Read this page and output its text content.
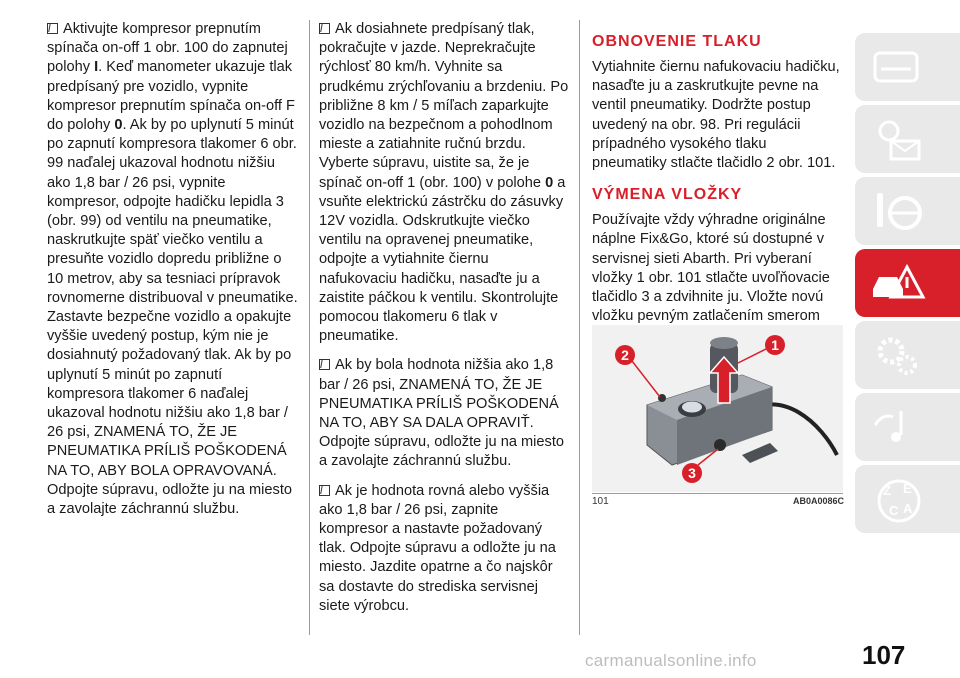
Aktivujte kompresor prepnutím spínača on-off 1 obr. 100 do zapnutej polohy I. Keď manometer ukazuje tlak predpísaný pre vozidlo, vypnite kompresor prepnutím spínača on-off F do polohy 0. Ak by po uplynutí 5 minút po zapnutí kompresora tlakomer 6 obr. 99 naďalej ukazoval hodnotu nižšiu ako 1,8 bar / 26 psi, vypnite kompresor, odpojte hadičku lepidla 3 (obr. 99) od ventilu na pneumatike, naskrutkujte späť viečko ventilu a presuňte vozidlo dopredu približne o 10 metrov, aby sa tesniaci prípravok rovnomerne distribuoval v pneumatike. Zastavte bezpečne vozidlo a opakujte vyššie uvedený postup, kým nie je dosiahnutý požadovaný tlak. Ak by po uplynutí 5 minút po zapnutí kompresora tlakomer 6 naďalej ukazoval hodnotu nižšiu ako 1,8 bar / 26 psi, ZNAMENÁ TO, ŽE JE PNEUMATIKA PRÍLIŠ POŠKODENÁ NA TO, ABY BOLA OPRAVOVANÁ. Odpojte súpravu, odložte ju na miesto a zavolajte záchrannú službu.

Ak dosiahnete predpísaný tlak, pokračujte v jazde. Neprekračujte rýchlosť 80 km/h. Vyhnite sa prudkému zrýchľovaniu a brzdeniu. Po približne 8 km / 5 míľach zaparkujte vozidlo na bezpečnom a pohodlnom mieste a zatiahnite ručnú brzdu. Vyberte súpravu, uistite sa, že je spínač on-off 1 (obr. 100) v polohe 0 a vsuňte elektrickú zástrčku do zásuvky 12V vozidla. Odskrutkujte viečko ventilu na opravenej pneumatike, odpojte a vytiahnite čiernu nafukovaciu hadičku, nasaďte ju a zaistite páčkou k ventilu. Skontrolujte pomocou tlakomeru 6 tlak v pneumatike.

Ak by bola hodnota nižšia ako 1,8 bar / 26 psi, ZNAMENÁ TO, ŽE JE PNEUMATIKA PRÍLIŠ POŠKODENÁ NA TO, ABY SA DALA OPRAVIŤ. Odpojte súpravu, odložte ju na miesto a zavolajte záchrannú službu.

Ak je hodnota rovná alebo vyššia ako 1,8 bar / 26 psi, zapnite kompresor a nastavte požadovaný tlak. Odpojte súpravu a odložte ju na miesto. Jazdite opatrne a čo najskôr sa dostavte do strediska servisnej siete výrobcu.

OBNOVENIE TLAKU

Vytiahnite čiernu nafukovaciu hadičku, nasaďte ju a zaskrutkujte pevne na ventil pneumatiky. Dodržte postup uvedený na obr. 98. Pri regulácii prípadného vysokého tlaku pneumatiky stlačte tlačidlo 2 obr. 101.

VÝMENA VLOŽKY

Používajte vždy výhradne originálne náplne Fix&Go, ktoré sú dostupné v servisnej sieti Abarth. Pri vyberaní vložky 1 obr. 101 stlačte uvoľňovacie tlačidlo 3 a zdvihnite ju. Vložte novú vložku pevným zatlačením smerom

1
2
3
101	AB0A0086C
Z E
C A
107
carmanualsonline.info
